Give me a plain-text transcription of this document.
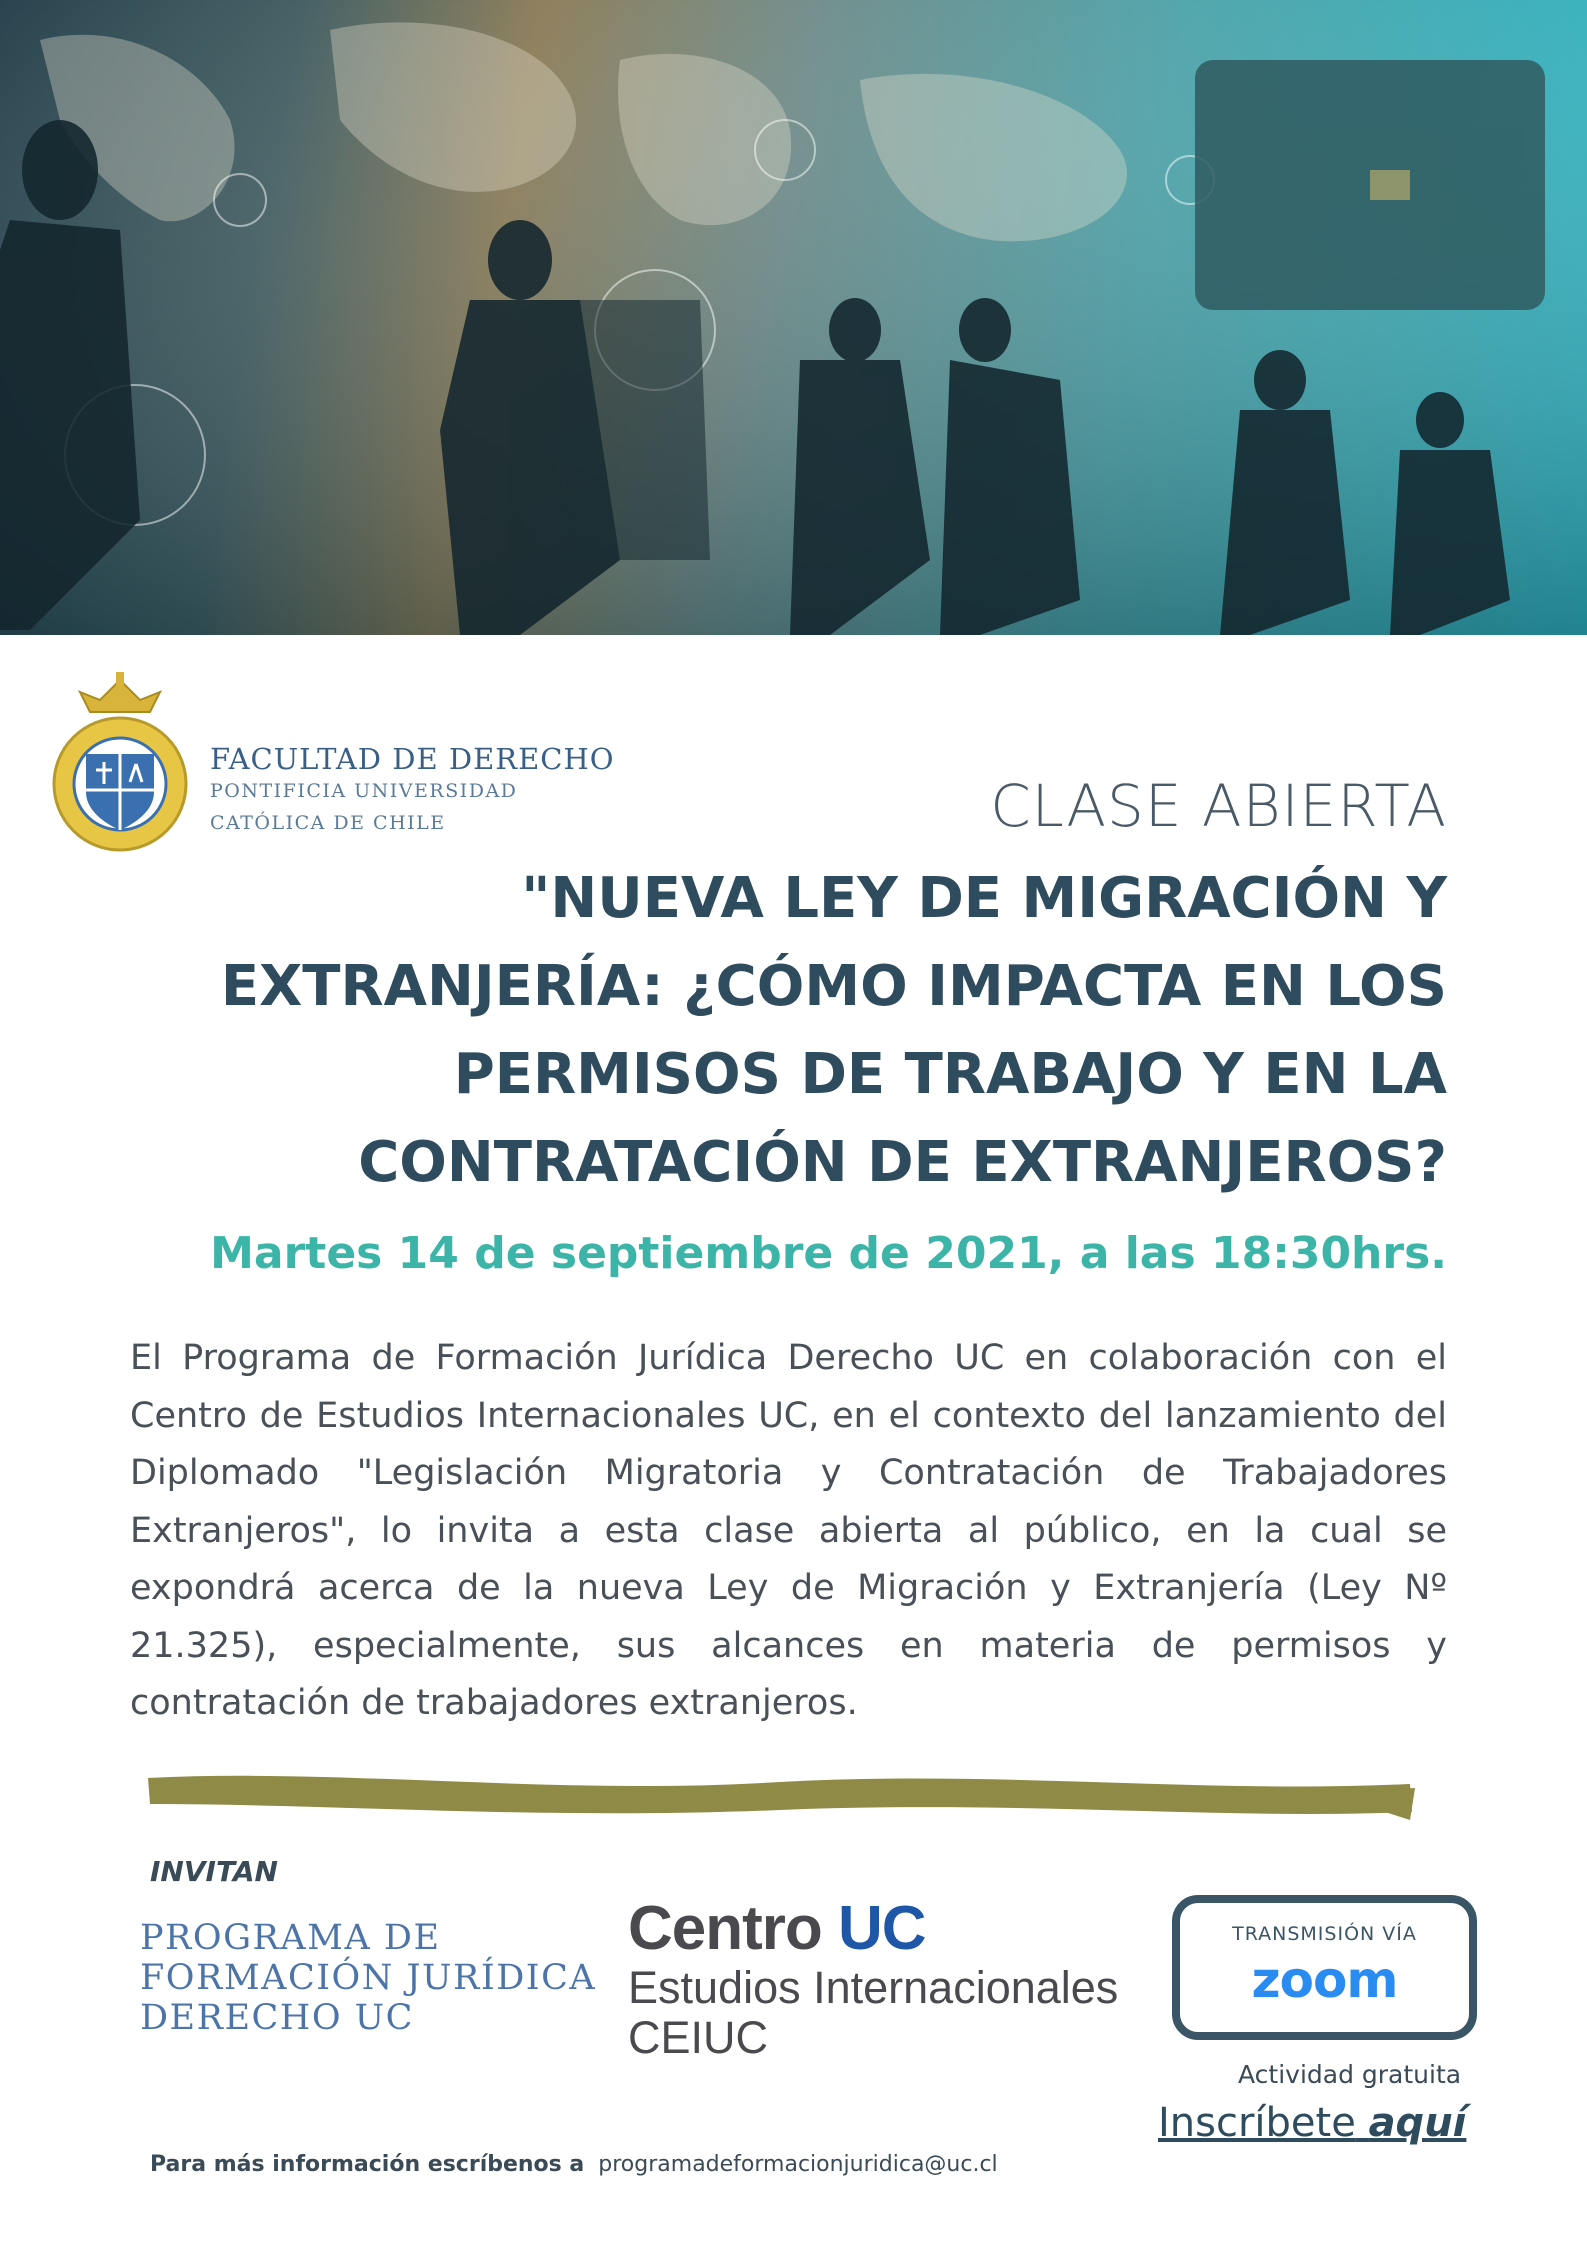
FACULTAD DE DERECHO
PONTIFICIA UNIVERSIDAD
CATÓLICA DE CHILE	CLASE ABIERTA
"NUEVA LEY DE MIGRACIÓN Y EXTRANJERÍA: ¿CÓMO IMPACTA EN LOS PERMISOS DE TRABAJO Y EN LA CONTRATACIÓN DE EXTRANJEROS?
Martes 14 de septiembre de 2021, a las 18:30hrs.
El Programa de Formación Jurídica Derecho UC en colaboración con el Centro de Estudios Internacionales UC, en el contexto del lanzamiento del Diplomado "Legislación Migratoria y Contratación de Trabajadores Extranjeros", lo invita a esta clase abierta al público, en la cual se expondrá acerca de la nueva Ley de Migración y Extranjería (Ley Nº 21.325), especialmente, sus alcances en materia de permisos y contratación de trabajadores extranjeros.
INVITAN
PROGRAMA DE
FORMACIÓN JURÍDICA
DERECHO UC
Centro UC
Estudios Internacionales
CEIUC
TRANSMISIÓN VÍA
zoom
Actividad gratuita
Inscríbete aquí
Para más información escríbenos a programadeformacionjuridica@uc.cl
